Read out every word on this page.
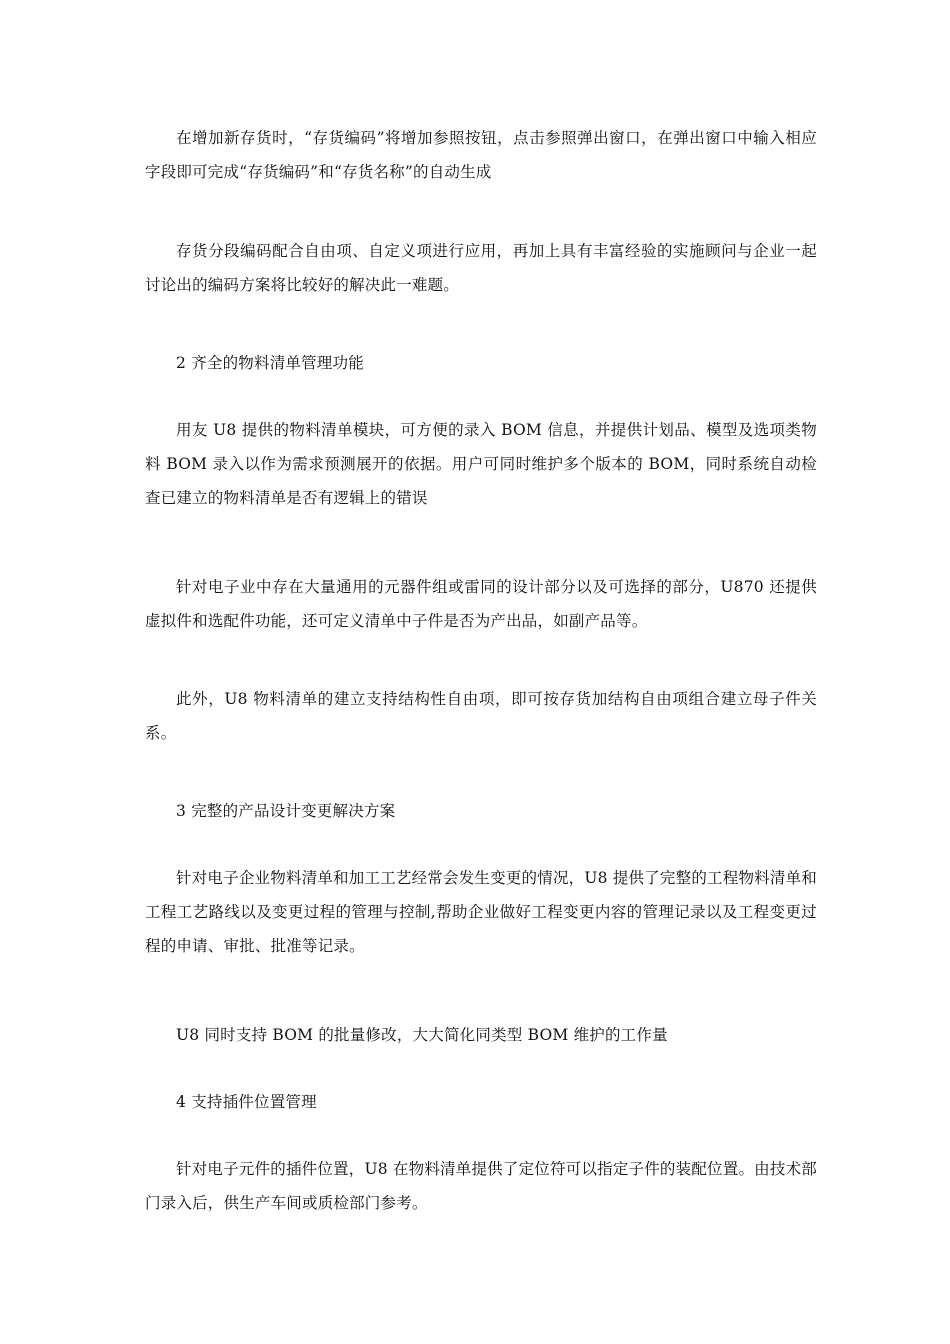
在增加新存货时，“存货编码”将增加参照按钮，点击参照弹出窗口，在弹出窗口中输入相应字段即可完成“存货编码”和“存货名称”的自动生成

存货分段编码配合自由项、自定义项进行应用，再加上具有丰富经验的实施顾问与企业一起讨论出的编码方案将比较好的解决此一难题。

2 齐全的物料清单管理功能

用友 U8 提供的物料清单模块，可方便的录入 BOM 信息，并提供计划品、模型及选项类物料 BOM 录入以作为需求预测展开的依据。用户可同时维护多个版本的 BOM，同时系统自动检查已建立的物料清单是否有逻辑上的错误

针对电子业中存在大量通用的元器件组或雷同的设计部分以及可选择的部分，U870 还提供虚拟件和选配件功能，还可定义清单中子件是否为产出品，如副产品等。

此外，U8 物料清单的建立支持结构性自由项，即可按存货加结构自由项组合建立母子件关系。

3 完整的产品设计变更解决方案

针对电子企业物料清单和加工工艺经常会发生变更的情况，U8 提供了完整的工程物料清单和工程工艺路线以及变更过程的管理与控制,帮助企业做好工程变更内容的管理记录以及工程变更过程的申请、审批、批准等记录。

U8 同时支持 BOM 的批量修改，大大简化同类型 BOM 维护的工作量

4 支持插件位置管理

针对电子元件的插件位置，U8 在物料清单提供了定位符可以指定子件的装配位置。由技术部门录入后，供生产车间或质检部门参考。
